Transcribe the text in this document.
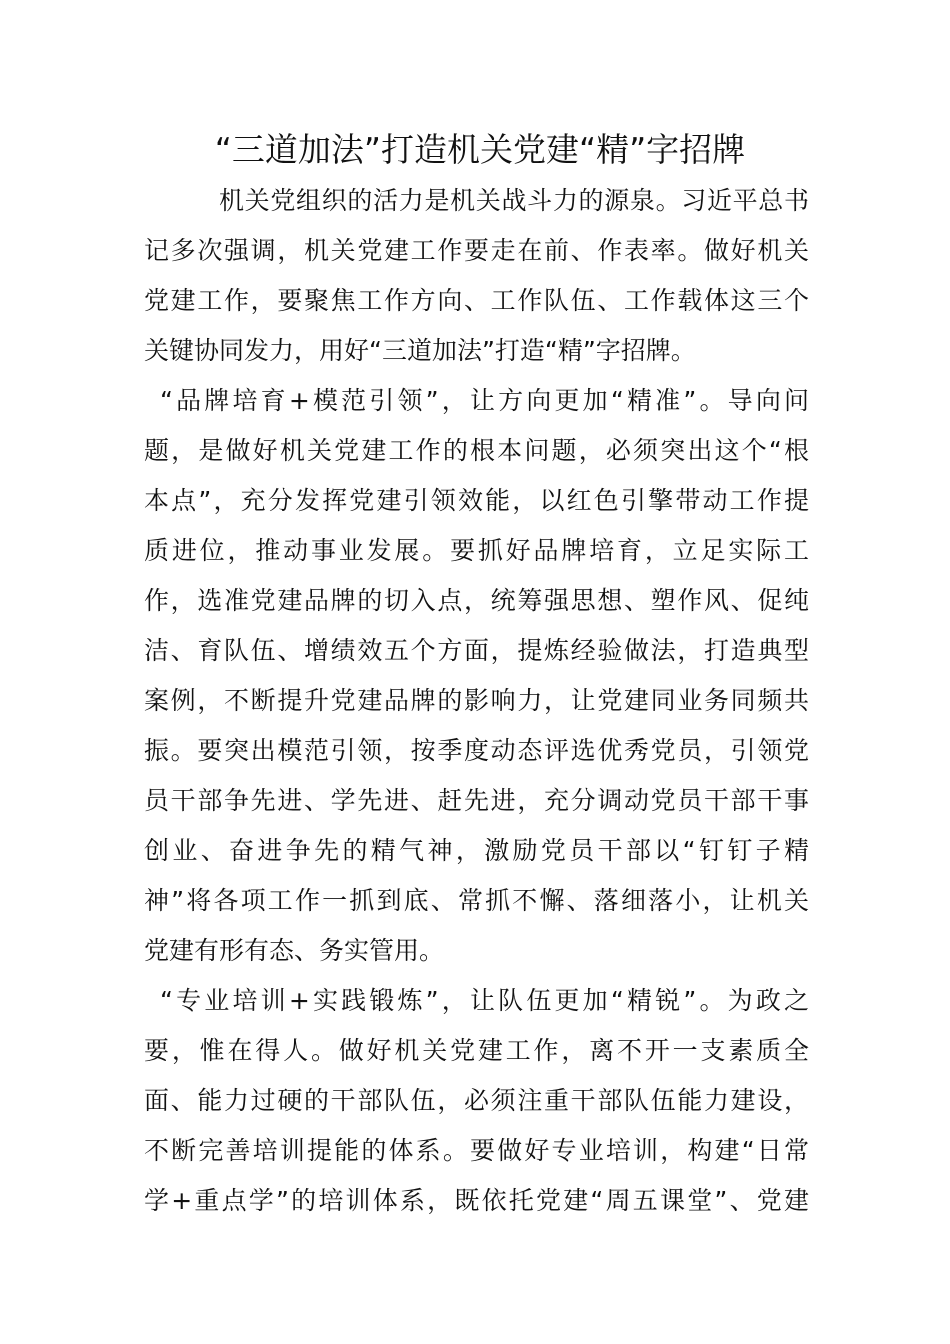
“三道加法”打造机关党建“精”字招牌
机关党组织的活力是机关战斗力的源泉。习近平总书
记多次强调，机关党建工作要走在前、作表率。做好机关
党建工作，要聚焦工作方向、工作队伍、工作载体这三个
关键协同发力，用好“三道加法”打造“精”字招牌。
“品牌培育+模范引领”，让方向更加“精准”。导向问
题，是做好机关党建工作的根本问题，必须突出这个“根
本点”，充分发挥党建引领效能，以红色引擎带动工作提
质进位，推动事业发展。要抓好品牌培育，立足实际工
作，选准党建品牌的切入点，统筹强思想、塑作风、促纯
洁、育队伍、增绩效五个方面，提炼经验做法，打造典型
案例，不断提升党建品牌的影响力，让党建同业务同频共
振。要突出模范引领，按季度动态评选优秀党员，引领党
员干部争先进、学先进、赶先进，充分调动党员干部干事
创业、奋进争先的精气神，激励党员干部以“钉钉子精
神”将各项工作一抓到底、常抓不懈、落细落小，让机关
党建有形有态、务实管用。
“专业培训+实践锻炼”，让队伍更加“精锐”。为政之
要，惟在得人。做好机关党建工作，离不开一支素质全
面、能力过硬的干部队伍，必须注重干部队伍能力建设，
不断完善培训提能的体系。要做好专业培训，构建“日常
学+重点学”的培训体系，既依托党建“周五课堂”、党建
